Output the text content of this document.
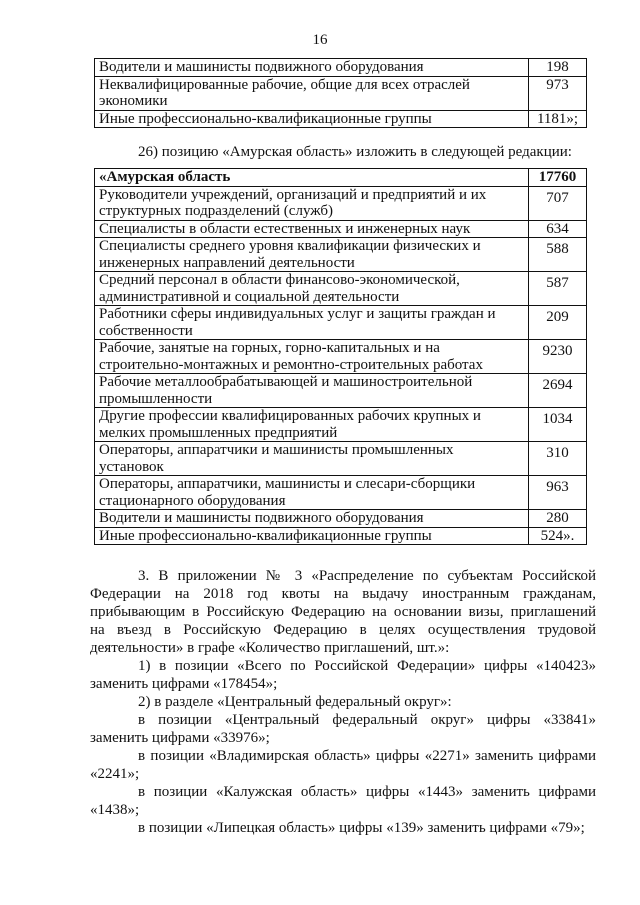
16
Водители и машинисты подвижного оборудования	198
Неквалифицированные рабочие, общие для всех отраслей экономики	973
Иные профессионально-квалификационные группы	1181»;
26) позицию «Амурская область» изложить в следующей редакции:
«Амурская область	17760
Руководители учреждений, организаций и предприятий и их структурных подразделений (служб)	707
Специалисты в области естественных и инженерных наук	634
Специалисты среднего уровня квалификации физических и инженерных направлений деятельности	588
Средний персонал в области финансово-экономической, административной и социальной деятельности	587
Работники сферы индивидуальных услуг и защиты граждан и собственности	209
Рабочие, занятые на горных, горно-капитальных и на строительно-монтажных и ремонтно-строительных работах	9230
Рабочие металлообрабатывающей и машиностроительной промышленности	2694
Другие профессии квалифицированных рабочих крупных и мелких промышленных предприятий	1034
Операторы, аппаратчики и машинисты промышленных установок	310
Операторы, аппаратчики, машинисты и слесари-сборщики стационарного оборудования	963
Водители и машинисты подвижного оборудования	280
Иные профессионально-квалификационные группы	524».
3. В приложении № 3 «Распределение по субъектам Российской
Федерации на 2018 год квоты на выдачу иностранным гражданам,
прибывающим в Российскую Федерацию на основании визы, приглашений
на въезд в Российскую Федерацию в целях осуществления трудовой
деятельности» в графе «Количество приглашений, шт.»:
1) в позиции «Всего по Российской Федерации» цифры «140423»
заменить цифрами «178454»;
2) в разделе «Центральный федеральный округ»:
в позиции «Центральный федеральный округ» цифры «33841»
заменить цифрами «33976»;
в позиции «Владимирская область» цифры «2271» заменить цифрами
«2241»;
в позиции «Калужская область» цифры «1443» заменить цифрами
«1438»;
в позиции «Липецкая область» цифры «139» заменить цифрами «79»;
